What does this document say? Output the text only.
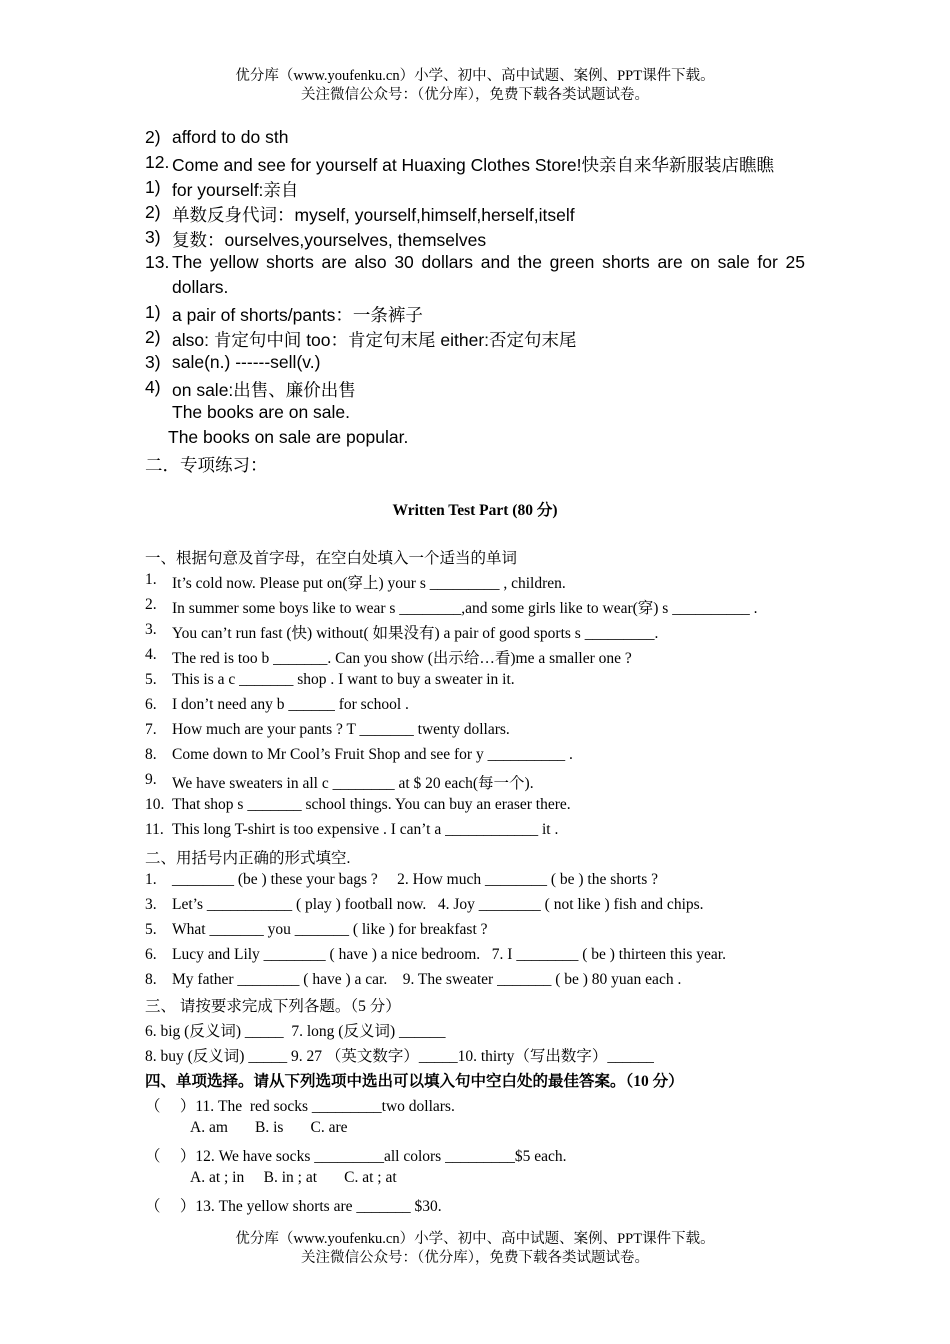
优分库（www.youfenku.cn）小学、初中、高中试题、案例、PPT课件下载。
关注微信公众号：（优分库），免费下载各类试题试卷。
2) afford to do sth
12. Come and see for yourself at Huaxing Clothes Store!快亲自来华新服装店瞧瞧
1) for yourself:亲自
2) 单数反身代词：myself, yourself,himself,herself,itself
3) 复数：ourselves,yourselves, themselves
13. The yellow shorts are also 30 dollars and the green shorts are on sale for 25
dollars.
1) a pair of shorts/pants：一条裤子
2) also: 肯定句中间 too：肯定句末尾 either:否定句末尾
3) sale(n.) ------sell(v.)
4) on sale:出售、廉价出售
The books are on sale.
The books on sale are popular.
二．专项练习：
Written Test Part (80 分)
一、根据句意及首字母，在空白处填入一个适当的单词
1. It’s cold now. Please put on(穿上) your s _________ , children.
2. In summer some boys like to wear s ________,and some girls like to wear(穿) s __________ .
3. You can’t run fast (快) without( 如果没有) a pair of good sports s _________.
4. The red is too b _______. Can you show (出示给…看)me a smaller one ?
5. This is a c _______ shop . I want to buy a sweater in it.
6. I don’t need any b ______ for school .
7. How much are your pants ? T _______ twenty dollars.
8. Come down to Mr Cool’s Fruit Shop and see for y __________ .
9. We have sweaters in all c ________ at $ 20 each(每一个).
10. That shop s _______ school things. You can buy an eraser there.
11. This long T-shirt is too expensive . I can’t a ____________ it .
二、用括号内正确的形式填空.
1. ________ (be ) these your bags ?     2. How much ________ ( be ) the shorts ?
3. Let’s ___________ ( play ) football now.   4. Joy ________ ( not like ) fish and chips.
5. What _______ you _______ ( like ) for breakfast ?
6. Lucy and Lily ________ ( have ) a nice bedroom.   7. I ________ ( be ) thirteen this year.
8. My father ________ ( have ) a car.    9. The sweater _______ ( be ) 80 yuan each .
三、 请按要求完成下列各题。（5 分）
6. big (反义词) _____  7. long (反义词) ______
8. buy (反义词) _____ 9. 27 （英文数字）_____10. thirty（写出数字）______
四、单项选择。请从下列选项中选出可以填入句中空白处的最佳答案。（10 分）
（     ）11. The  red socks _________two dollars.
A. am       B. is       C. are
（     ）12. We have socks _________all colors _________$5 each.
A. at ; in     B. in ; at       C. at ; at
（     ）13. The yellow shorts are _______ $30.
优分库（www.youfenku.cn）小学、初中、高中试题、案例、PPT课件下载。
关注微信公众号：（优分库），免费下载各类试题试卷。
